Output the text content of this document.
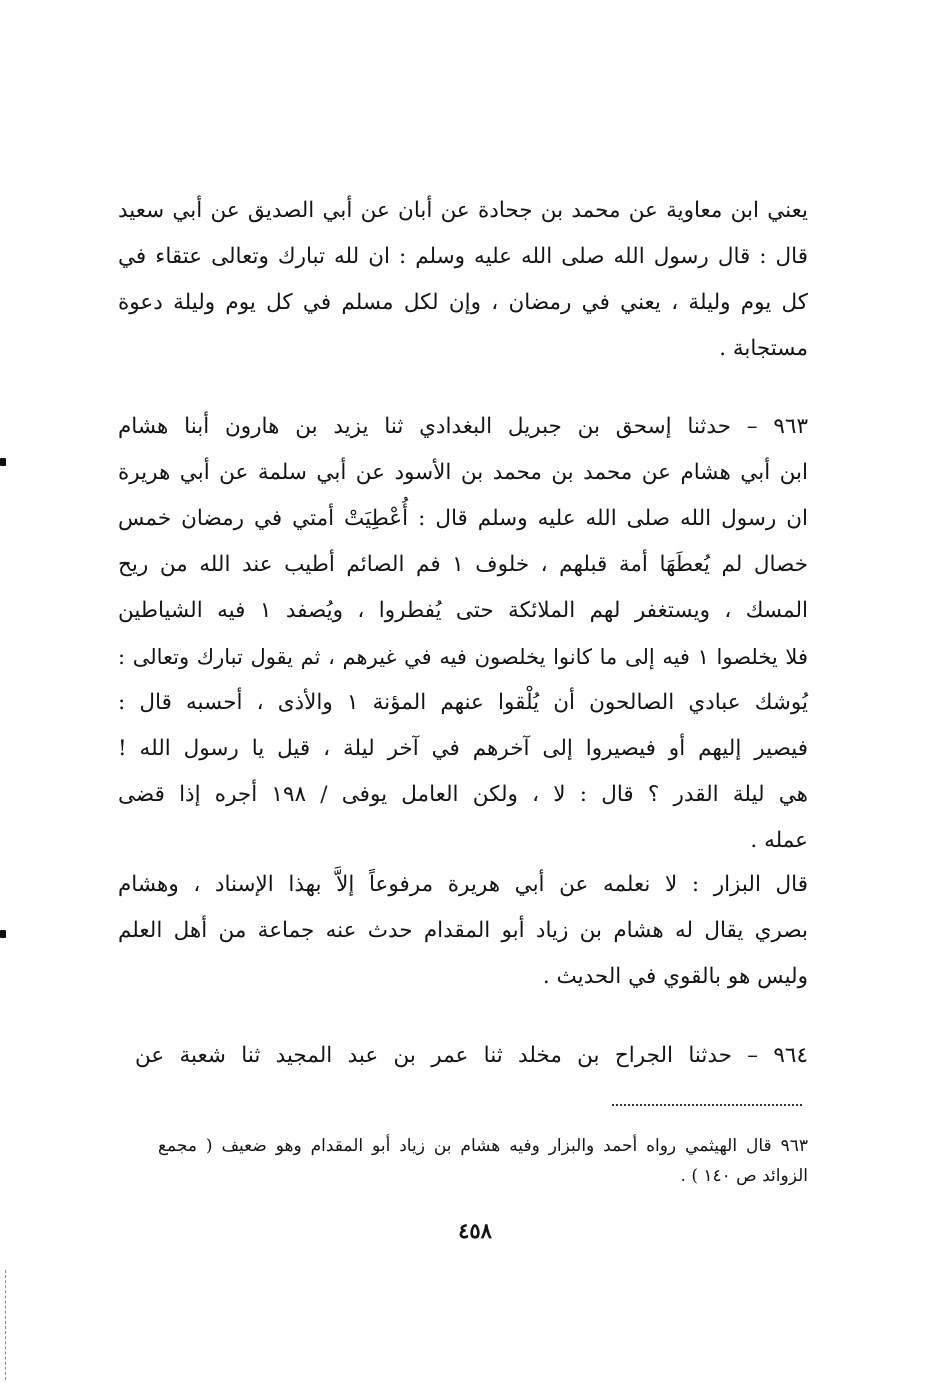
يعني ابن معاوية عن محمد بن جحادة عن أبان عن أبي الصديق عن أبي سعيد
قال : قال رسول الله صلى الله عليه وسلم : ان لله تبارك وتعالى عتقاء في
كل يوم وليلة ، يعني في رمضان ، وإن لكل مسلم في كل يوم وليلة دعوة
مستجابة .
٩٦٣ – حدثنا إسحق بن جبريل البغدادي ثنا يزيد بن هارون أبنا هشام
ابن أبي هشام عن محمد بن محمد بن الأسود عن أبي سلمة عن أبي هريرة
ان رسول الله صلى الله عليه وسلم قال : أُعْطِيَتْ أمتي في رمضان خمس
خصال لم يُعطَهَا أمة قبلهم ، خلوف ١ فم الصائم أطيب عند الله من ريح
المسك ، ويستغفر لهم الملائكة حتى يُفطروا ، ويُصفد ١ فيه الشياطين
فلا يخلصوا ١ فيه إلى ما كانوا يخلصون فيه في غيرهم ، ثم يقول تبارك وتعالى :
يُوشك عبادي الصالحون أن يُلْقوا عنهم المؤنة ١ والأذى ، أحسبه قال :
فيصير إليهم أو فيصيروا إلى آخرهم في آخر ليلة ، قيل يا رسول الله !
هي ليلة القدر ؟ قال : لا ، ولكن العامل يوفى / ١٩٨ أجره إذا قضى
عمله .
قال البزار : لا نعلمه عن أبي هريرة مرفوعاً إلاَّ بهذا الإسناد ، وهشام
بصري يقال له هشام بن زياد أبو المقدام حدث عنه جماعة من أهل العلم
وليس هو بالقوي في الحديث .
٩٦٤ – حدثنا الجراح بن مخلد ثنا عمر بن عبد المجيد ثنا شعبة عن
٩٦٣ قال الهيثمي رواه أحمد والبزار وفيه هشام بن زياد أبو المقدام وهو ضعيف ( مجمع
الزوائد ص ١٤٠ ) .
٤٥٨
